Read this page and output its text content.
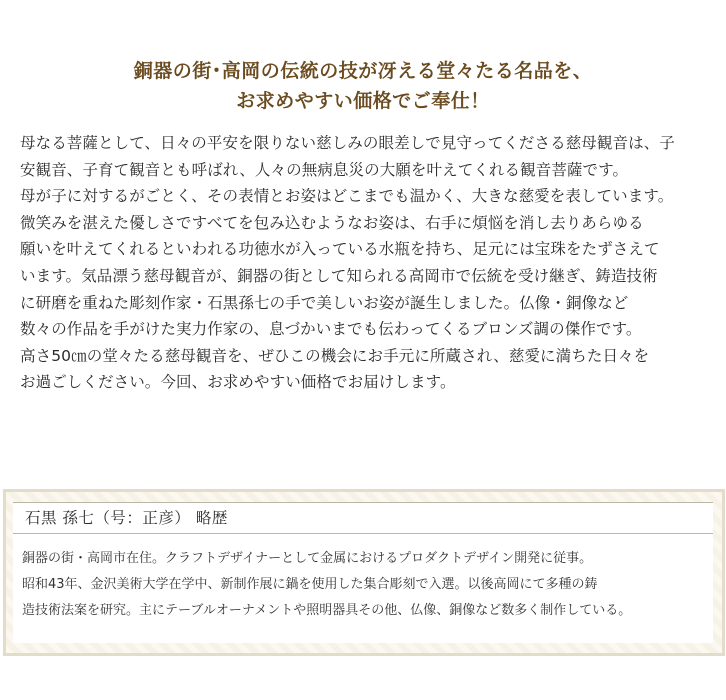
銅器の街･高岡の伝統の技が冴える堂々たる名品を、
お求めやすい価格でご奉仕！
母なる菩薩として、日々の平安を限りない慈しみの眼差しで見守ってくださる慈母観音は、子
安観音、子育て観音とも呼ばれ、人々の無病息災の大願を叶えてくれる観音菩薩です。
母が子に対するがごとく、その表情とお姿はどこまでも温かく、大きな慈愛を表しています。
微笑みを湛えた優しさですべてを包み込むようなお姿は、右手に煩悩を消し去りあらゆる
願いを叶えてくれるといわれる功徳水が入っている水瓶を持ち、足元には宝珠をたずさえて
います。気品漂う慈母観音が、銅器の街として知られる高岡市で伝統を受け継ぎ、鋳造技術
に研磨を重ねた彫刻作家・石黒孫七の手で美しいお姿が誕生しました。仏像・銅像など
数々の作品を手がけた実力作家の、息づかいまでも伝わってくるブロンズ調の傑作です。
高さ50㎝の堂々たる慈母観音を、ぜひこの機会にお手元に所蔵され、慈愛に満ちた日々を
お過ごしください。今回、お求めやすい価格でお届けします。
石黒 孫七（号：正彦） 略歴
銅器の街・高岡市在住。クラフトデザイナーとして金属におけるプロダクトデザイン開発に従事。
昭和43年、金沢美術大学在学中、新制作展に鍋を使用した集合彫刻で入選。以後高岡にて多種の鋳
造技術法案を研究。主にテーブルオーナメントや照明器具その他、仏像、銅像など数多く制作している。
